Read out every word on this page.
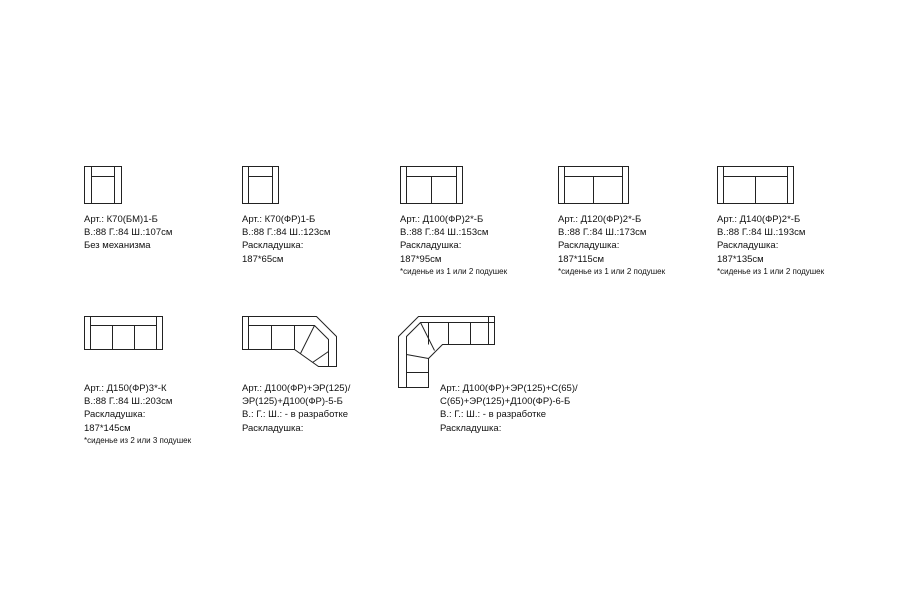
Арт.: К70(БМ)1-Б
В.:88 Г.:84 Ш.:107см
Без механизма
Арт.: К70(ФР)1-Б
В.:88 Г.:84 Ш.:123см
Раскладушка:
187*65см
Арт.: Д100(ФР)2*-Б
В.:88 Г.:84 Ш.:153см
Раскладушка:
187*95см
*сиденье из 1 или 2 подушек
Арт.: Д120(ФР)2*-Б
В.:88 Г.:84 Ш.:173см
Раскладушка:
187*115см
*сиденье из 1 или 2 подушек
Арт.: Д140(ФР)2*-Б
В.:88 Г.:84 Ш.:193см
Раскладушка:
187*135см
*сиденье из 1 или 2 подушек
Арт.: Д150(ФР)3*-К
В.:88 Г.:84 Ш.:203см
Раскладушка:
187*145см
*сиденье из 2 или 3 подушек
Арт.: Д100(ФР)+ЭР(125)/
ЭР(125)+Д100(ФР)-5-Б
В.: Г.: Ш.: - в разработке
Раскладушка:
Арт.: Д100(ФР)+ЭР(125)+С(65)/
С(65)+ЭР(125)+Д100(ФР)-6-Б
В.: Г.: Ш.: - в разработке
Раскладушка:
